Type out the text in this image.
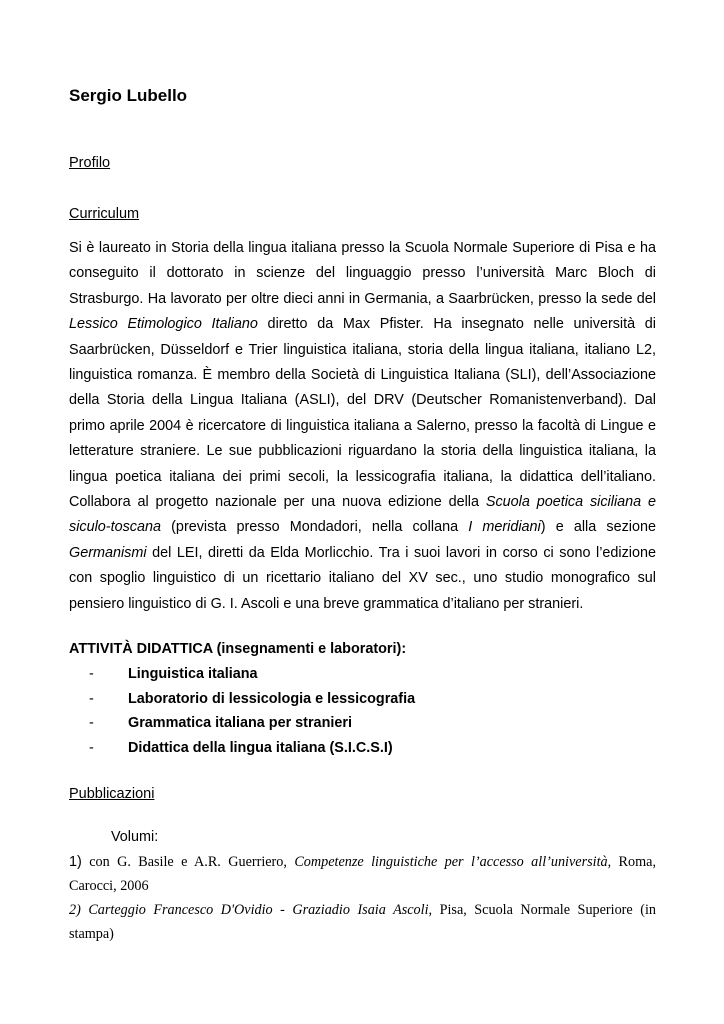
Sergio Lubello
Profilo
Curriculum

Si è laureato in Storia della lingua italiana presso la Scuola Normale Superiore di Pisa e ha conseguito il dottorato in scienze del linguaggio presso l’università Marc Bloch di Strasburgo. Ha lavorato per oltre dieci anni in Germania, a Saarbrücken, presso la sede del Lessico Etimologico Italiano diretto da Max Pfister. Ha insegnato nelle università di Saarbrücken, Düsseldorf e Trier linguistica italiana, storia della lingua italiana, italiano L2, linguistica romanza. È membro della Società di Linguistica Italiana (SLI), dell’Associazione della Storia della Lingua Italiana (ASLI), del DRV (Deutscher Romanistenverband). Dal primo aprile 2004 è ricercatore di linguistica italiana a Salerno, presso la facoltà di Lingue e letterature straniere. Le sue pubblicazioni riguardano la storia della linguistica italiana, la lingua poetica italiana dei primi secoli, la lessicografia italiana, la didattica dell’italiano. Collabora al progetto nazionale per una nuova edizione della Scuola poetica siciliana e siculo-toscana (prevista presso Mondadori, nella collana I meridiani) e alla sezione Germanismi del LEI, diretti da Elda Morlicchio. Tra i suoi lavori in corso ci sono l’edizione con spoglio linguistico di un ricettario italiano del XV sec., uno studio monografico sul pensiero linguistico di G. I. Ascoli e una breve grammatica d’italiano per stranieri.

ATTIVITÀ DIDATTICA (insegnamenti e laboratori):
- Linguistica italiana
- Laboratorio di lessicologia e lessicografia
- Grammatica italiana per stranieri
- Didattica della lingua italiana (S.I.C.S.I)
Pubblicazioni
Volumi:

1) con G. Basile e A.R. Guerriero, Competenze linguistiche per l’accesso all’università, Roma, Carocci, 2006

2) Carteggio Francesco D'Ovidio - Graziadio Isaia Ascoli, Pisa, Scuola Normale Superiore (in stampa)
